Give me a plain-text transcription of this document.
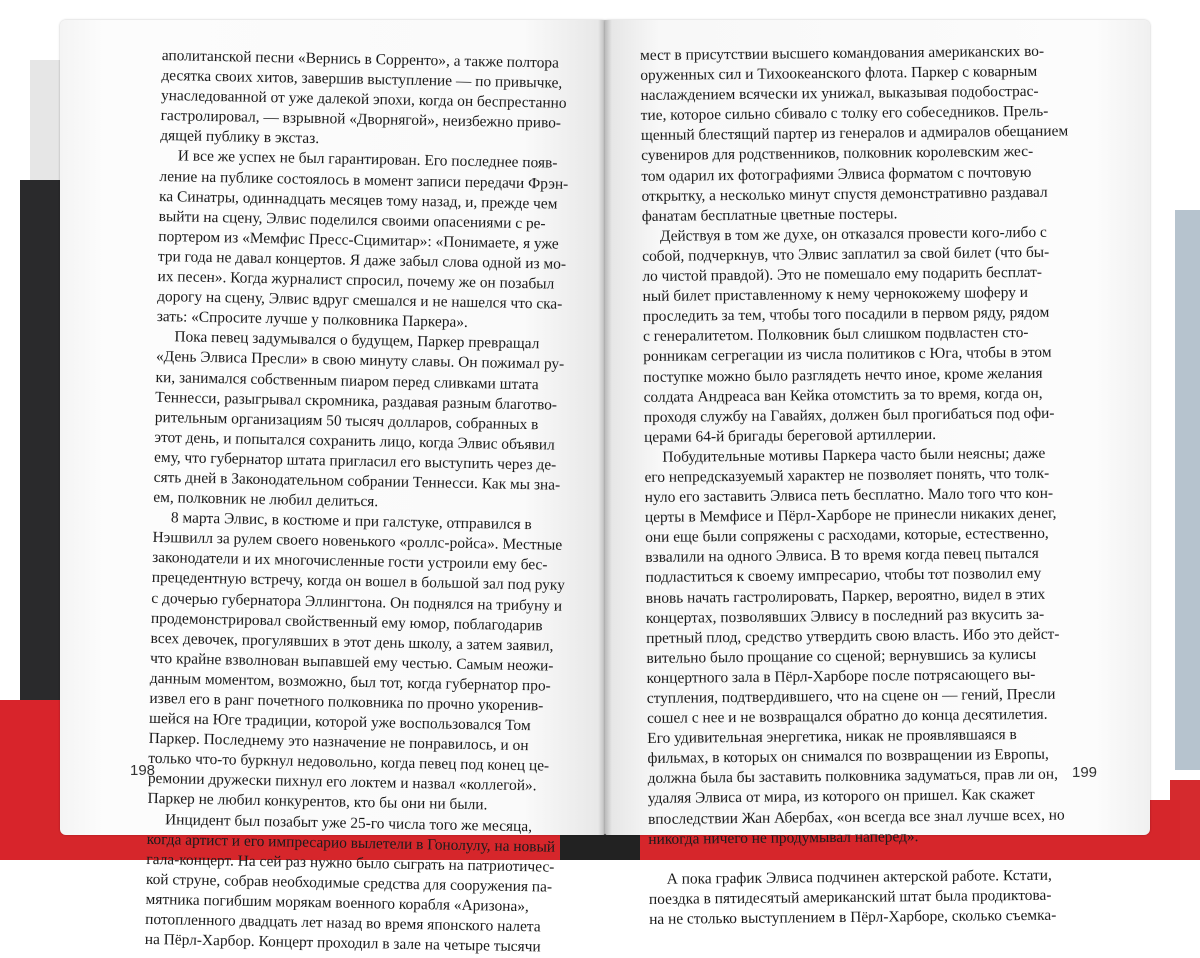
аполитанской песни «Вернись в Сорренто», а также полтора
десятка своих хитов, завершив выступление — по привычке,
унаследованной от уже далекой эпохи, когда он беспрестанно
гастролировал, — взрывной «Дворнягой», неизбежно приво-
дящей публику в экстаз.
И все же успех не был гарантирован. Его последнее появ-
ление на публике состоялось в момент записи передачи Фрэн-
ка Синатры, одиннадцать месяцев тому назад, и, прежде чем
выйти на сцену, Элвис поделился своими опасениями с ре-
портером из «Мемфис Пресс-Сцимитар»: «Понимаете, я уже
три года не давал концертов. Я даже забыл слова одной из мо-
их песен». Когда журналист спросил, почему же он позабыл
дорогу на сцену, Элвис вдруг смешался и не нашелся что ска-
зать: «Спросите лучше у полковника Паркера».
Пока певец задумывался о будущем, Паркер превращал
«День Элвиса Пресли» в свою минуту славы. Он пожимал ру-
ки, занимался собственным пиаром перед сливками штата
Теннесси, разыгрывал скромника, раздавая разным благотво-
рительным организациям 50 тысяч долларов, собранных в
этот день, и попытался сохранить лицо, когда Элвис объявил
ему, что губернатор штата пригласил его выступить через де-
сять дней в Законодательном собрании Теннесси. Как мы зна-
ем, полковник не любил делиться.
8 марта Элвис, в костюме и при галстуке, отправился в
Нэшвилл за рулем своего новенького «роллс-ройса». Местные
законодатели и их многочисленные гости устроили ему бес-
прецедентную встречу, когда он вошел в большой зал под руку
с дочерью губернатора Эллингтона. Он поднялся на трибуну и
продемонстрировал свойственный ему юмор, поблагодарив
всех девочек, прогулявших в этот день школу, а затем заявил,
что крайне взволнован выпавшей ему честью. Самым неожи-
данным моментом, возможно, был тот, когда губернатор про-
извел его в ранг почетного полковника по прочно укоренив-
шейся на Юге традиции, которой уже воспользовался Том
Паркер. Последнему это назначение не понравилось, и он
только что-то буркнул недовольно, когда певец под конец це-
ремонии дружески пихнул его локтем и назвал «коллегой».
Паркер не любил конкурентов, кто бы они ни были.
Инцидент был позабыт уже 25-го числа того же месяца,
когда артист и его импресарио вылетели в Гонолулу, на новый
гала-концерт. На сей раз нужно было сыграть на патриотичес-
кой струне, собрав необходимые средства для сооружения па-
мятника погибшим морякам военного корабля «Аризона»,
потопленного двадцать лет назад во время японского налета
на Пёрл-Харбор. Концерт проходил в зале на четыре тысячи
мест в присутствии высшего командования американских во-
оруженных сил и Тихоокеанского флота. Паркер с коварным
наслаждением всячески их унижал, выказывая подобострас-
тие, которое сильно сбивало с толку его собеседников. Прель-
щенный блестящий партер из генералов и адмиралов обещанием
сувениров для родственников, полковник королевским жес-
том одарил их фотографиями Элвиса форматом с почтовую
открытку, а несколько минут спустя демонстративно раздавал
фанатам бесплатные цветные постеры.
Действуя в том же духе, он отказался провести кого-либо с
собой, подчеркнув, что Элвис заплатил за свой билет (что бы-
ло чистой правдой). Это не помешало ему подарить бесплат-
ный билет приставленному к нему чернокожему шоферу и
проследить за тем, чтобы того посадили в первом ряду, рядом
с генералитетом. Полковник был слишком подвластен сто-
ронникам сегрегации из числа политиков с Юга, чтобы в этом
поступке можно было разглядеть нечто иное, кроме желания
солдата Андреаса ван Кейка отомстить за то время, когда он,
проходя службу на Гавайях, должен был прогибаться под офи-
церами 64-й бригады береговой артиллерии.
Побудительные мотивы Паркера часто были неясны; даже
его непредсказуемый характер не позволяет понять, что толк-
нуло его заставить Элвиса петь бесплатно. Мало того что кон-
церты в Мемфисе и Пёрл-Харборе не принесли никаких денег,
они еще были сопряжены с расходами, которые, естественно,
взвалили на одного Элвиса. В то время когда певец пытался
подластиться к своему импресарио, чтобы тот позволил ему
вновь начать гастролировать, Паркер, вероятно, видел в этих
концертах, позволявших Элвису в последний раз вкусить за-
претный плод, средство утвердить свою власть. Ибо это дейст-
вительно было прощание со сценой; вернувшись за кулисы
концертного зала в Пёрл-Харборе после потрясающего вы-
ступления, подтвердившего, что на сцене он — гений, Пресли
сошел с нее и не возвращался обратно до конца десятилетия.
Его удивительная энергетика, никак не проявлявшаяся в
фильмах, в которых он снимался по возвращении из Европы,
должна была бы заставить полковника задуматься, прав ли он,
удаляя Элвиса от мира, из которого он пришел. Как скажет
впоследствии Жан Абербах, «он всегда все знал лучше всех, но
никогда ничего не продумывал наперед».

А пока график Элвиса подчинен актерской работе. Кстати,
поездка в пятидесятый американский штат была продиктова-
на не столько выступлением в Пёрл-Харборе, сколько съемка-
198	199
